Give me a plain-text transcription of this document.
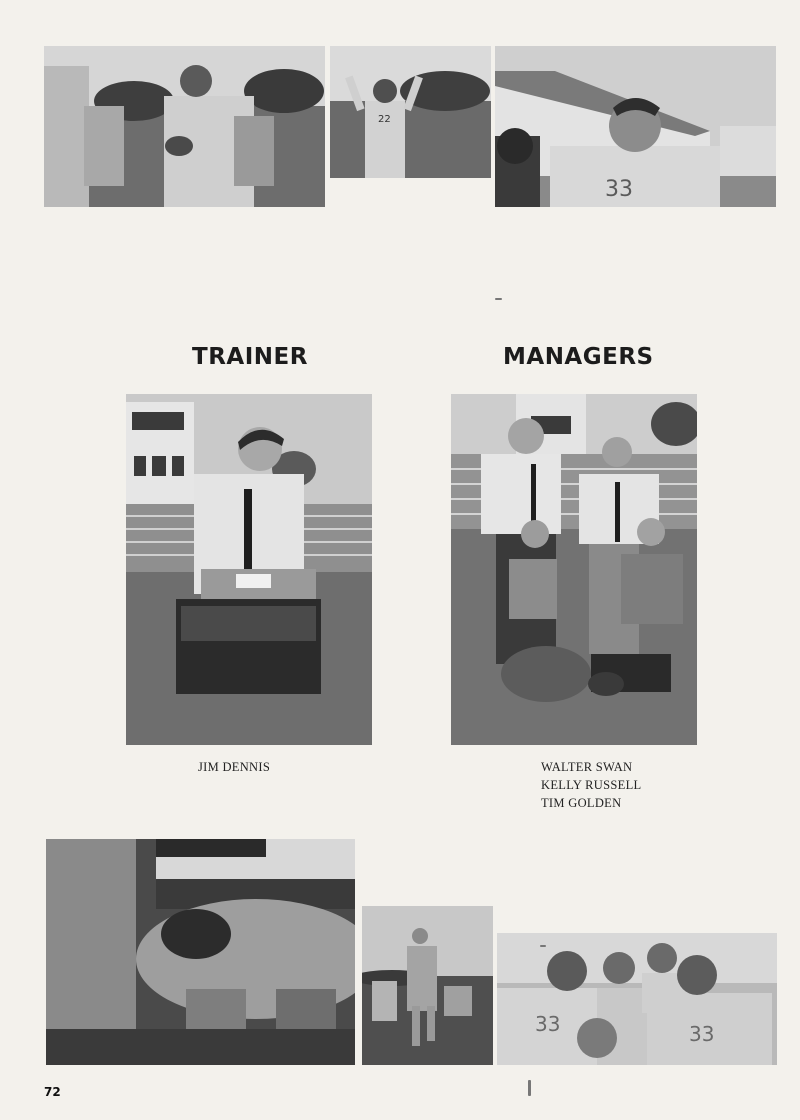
22
33
TRAINER	MANAGERS
JIM DENNIS	WALTER SWAN
KELLY RUSSELL
TIM GOLDEN
33	33
72
